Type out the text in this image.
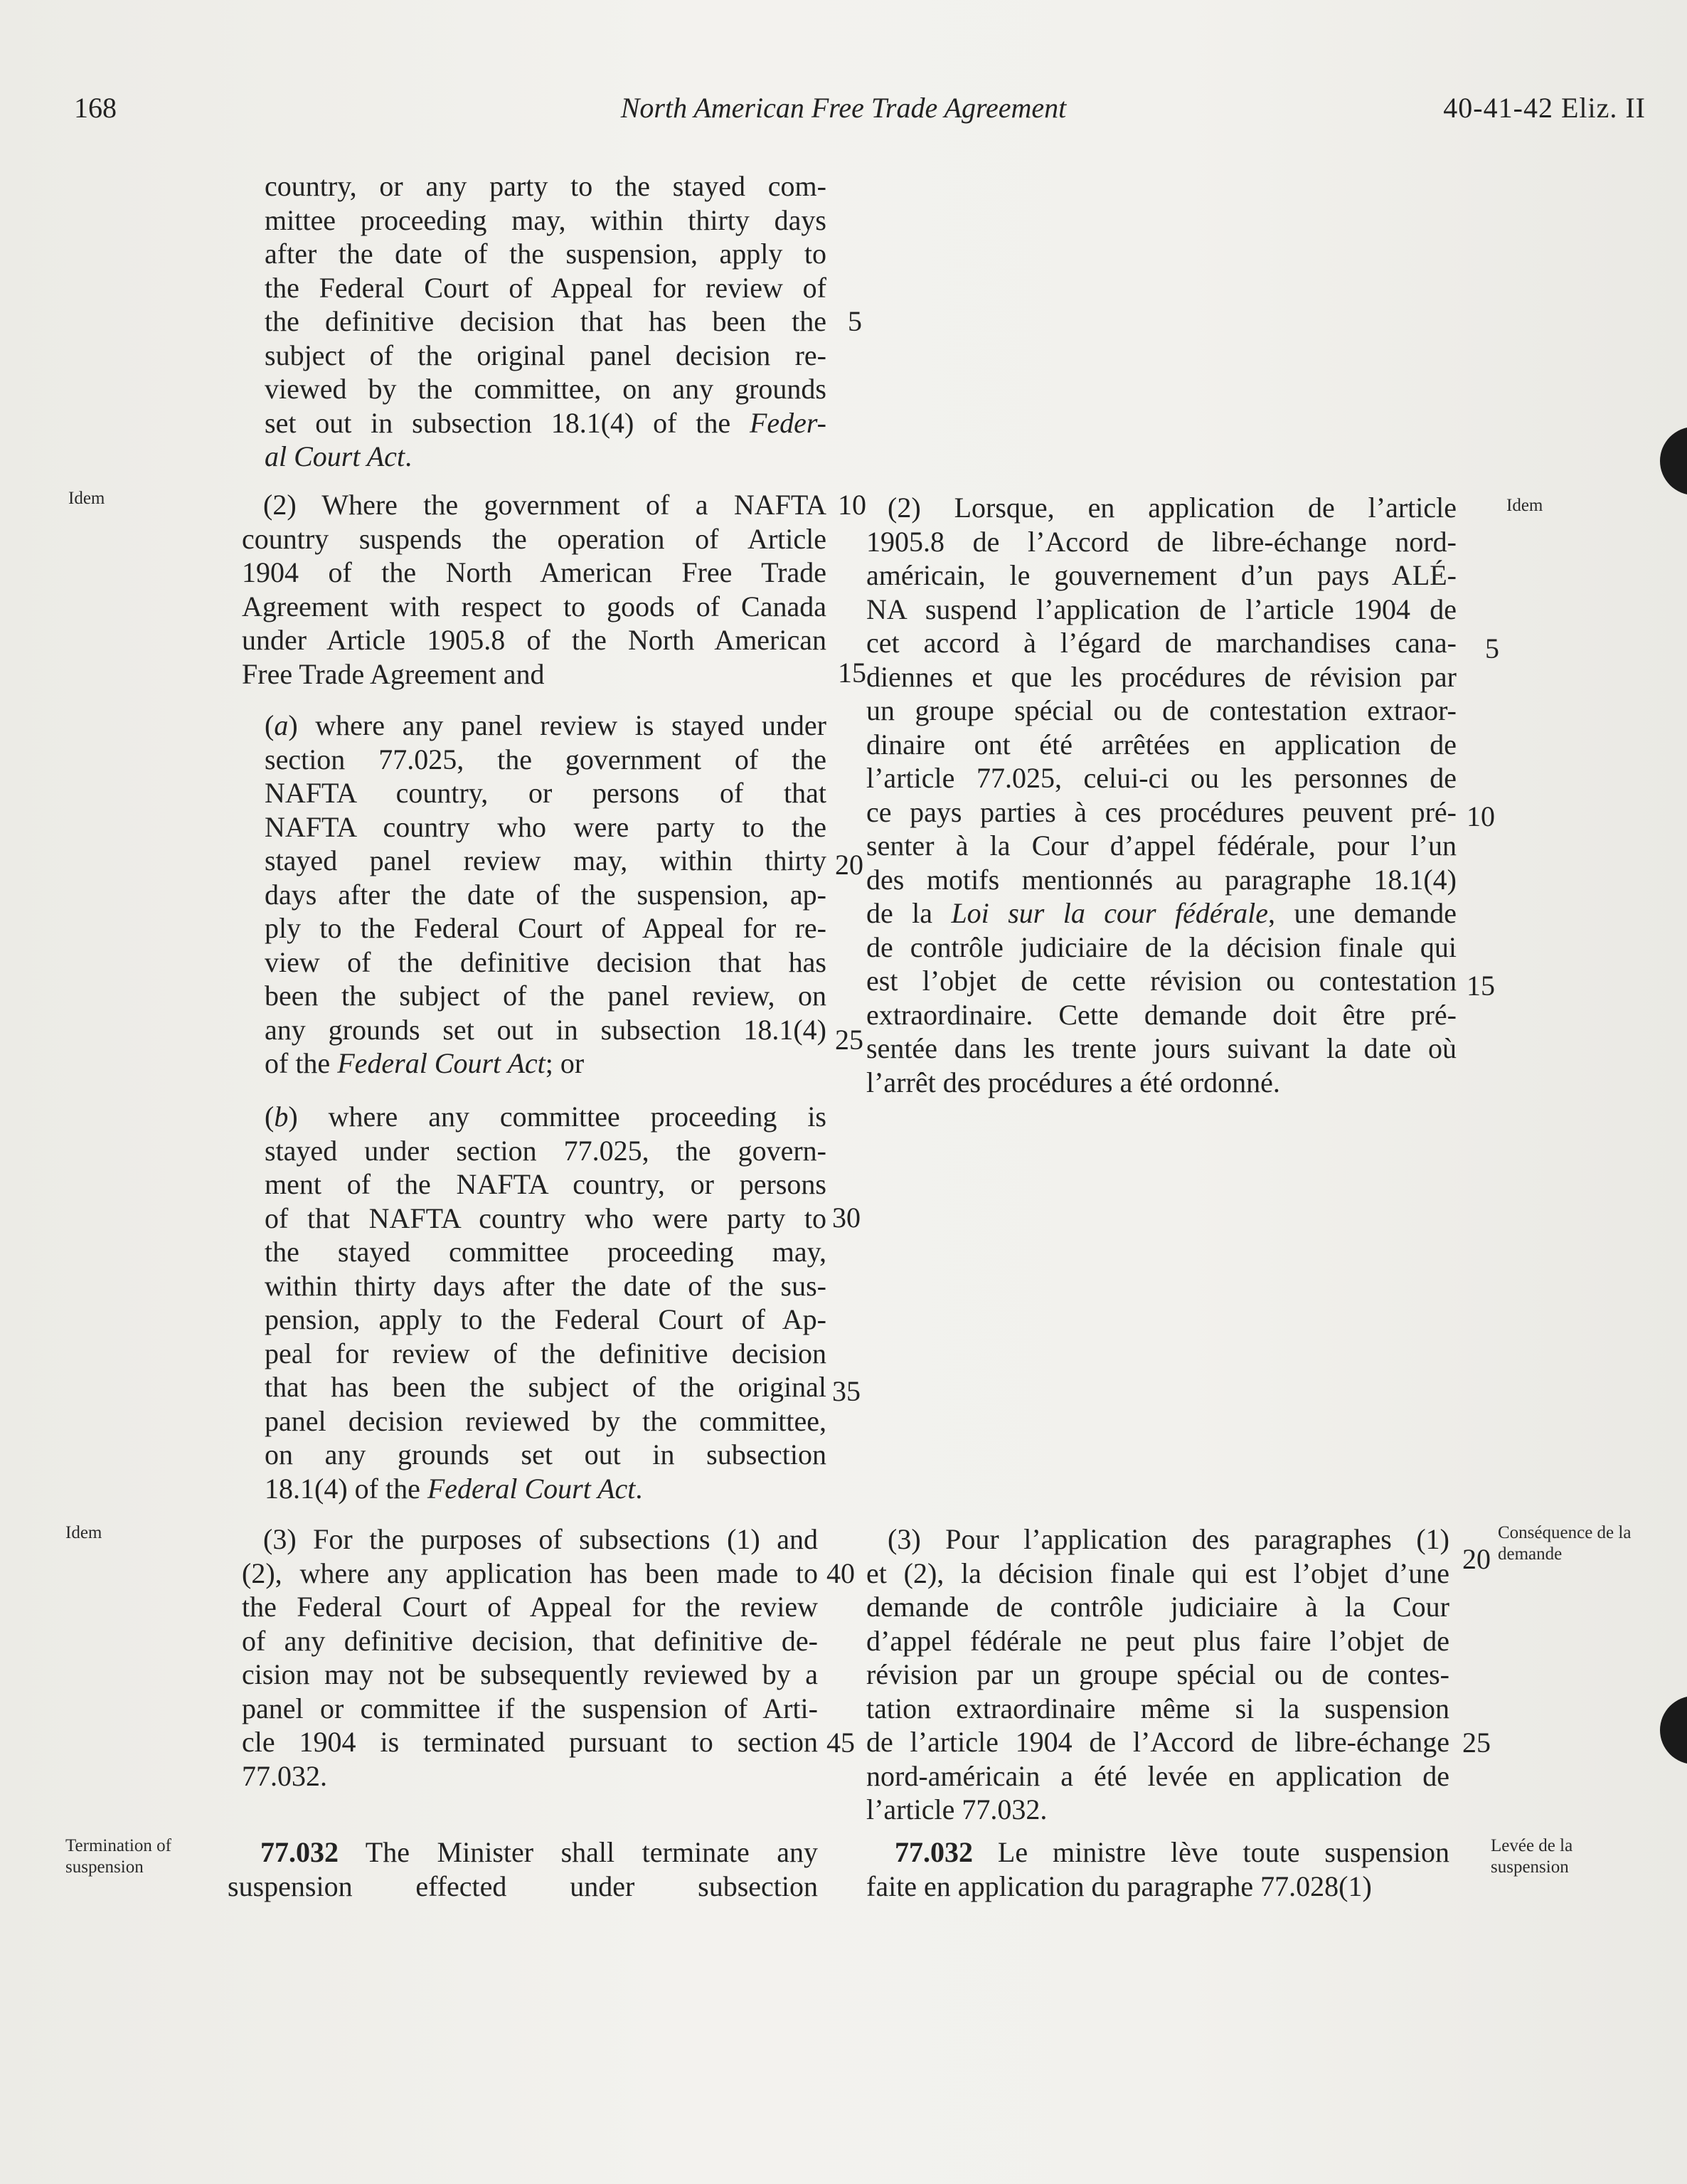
168	North American Free Trade Agreement	40-41-42 Eliz. II
Idem
Idem
Termination of suspension
Idem
Conséquence de la demande
Levée de la suspension

country, or any party to the stayed com-

mittee proceeding may, within thirty days

after the date of the suspension, apply to

the Federal Court of Appeal for review of

the definitive decision that has been the

subject of the original panel decision re-

viewed by the committee, on any grounds

set out in subsection 18.1(4) of the Feder-

al Court Act.

(2) Where the government of a NAFTA

country suspends the operation of Article

1904 of the North American Free Trade

Agreement with respect to goods of Canada

under Article 1905.8 of the North American

Free Trade Agreement and

(a) where any panel review is stayed under

section 77.025, the government of the

NAFTA country, or persons of that

NAFTA country who were party to the

stayed panel review may, within thirty

days after the date of the suspension, ap-

ply to the Federal Court of Appeal for re-

view of the definitive decision that has

been the subject of the panel review, on

any grounds set out in subsection 18.1(4)

of the Federal Court Act; or

(b) where any committee proceeding is

stayed under section 77.025, the govern-

ment of the NAFTA country, or persons

of that NAFTA country who were party to

the stayed committee proceeding may,

within thirty days after the date of the sus-

pension, apply to the Federal Court of Ap-

peal for review of the definitive decision

that has been the subject of the original

panel decision reviewed by the committee,

on any grounds set out in subsection

18.1(4) of the Federal Court Act.

(3) For the purposes of subsections (1) and

(2), where any application has been made to

the Federal Court of Appeal for the review

of any definitive decision, that definitive de-

cision may not be subsequently reviewed by a

panel or committee if the suspension of Arti-

cle 1904 is terminated pursuant to section

77.032.

77.032 The Minister shall terminate any

suspension effected under subsection

5
10
15
20
25
30
35
40
45

(2) Lorsque, en application de l’article

1905.8 de l’Accord de libre-échange nord-

américain, le gouvernement d’un pays ALÉ-

NA suspend l’application de l’article 1904 de

cet accord à l’égard de marchandises cana-

diennes et que les procédures de révision par

un groupe spécial ou de contestation extraor-

dinaire ont été arrêtées en application de

l’article 77.025, celui-ci ou les personnes de

ce pays parties à ces procédures peuvent pré-

senter à la Cour d’appel fédérale, pour l’un

des motifs mentionnés au paragraphe 18.1(4)

de la Loi sur la cour fédérale, une demande

de contrôle judiciaire de la décision finale qui

est l’objet de cette révision ou contestation

extraordinaire. Cette demande doit être pré-

sentée dans les trente jours suivant la date où

l’arrêt des procédures a été ordonné.

(3) Pour l’application des paragraphes (1)

et (2), la décision finale qui est l’objet d’une

demande de contrôle judiciaire à la Cour

d’appel fédérale ne peut plus faire l’objet de

révision par un groupe spécial ou de contes-

tation extraordinaire même si la suspension

de l’article 1904 de l’Accord de libre-échange

nord-américain a été levée en application de

l’article 77.032.

77.032 Le ministre lève toute suspension

faite en application du paragraphe 77.028(1)

5
10
15
20
25
